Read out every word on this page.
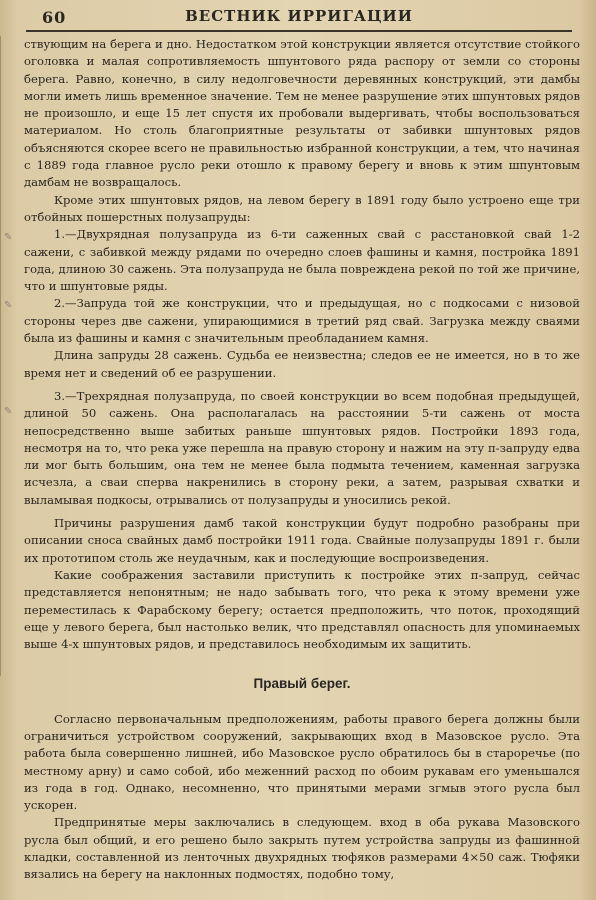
60	ВЕСТНИК ИРРИГАЦИИ
✎
✎
✎

ствующим на берега и дно. Недостатком этой конструкции является отсутствие стойкого оголовка и малая сопротивляемость шпунтового ряда распору от земли со стороны берега. Равно, конечно, в силу недолговечности деревянных конструкций, эти дамбы могли иметь лишь временное значение. Тем не менее разрушение этих шпунтовых рядов не произошло, и еще 15 лет спустя их пробовали выдергивать, чтобы воспользоваться материалом. Но столь благоприятные результаты от забивки шпунтовых рядов объясняются скорее всего не правильностью избранной конструкции, а тем, что начиная с 1889 года главное русло реки отошло к правому берегу и вновь к этим шпунтовым дамбам не возвращалось.

Кроме этих шпунтовых рядов, на левом берегу в 1891 году было устроено еще три отбойных пошерстных полузапруды:

1.—Двухрядная полузапруда из 6-ти саженных свай с расстановкой свай 1-2 сажени, с забивкой между рядами по очередно слоев фашины и камня, постройка 1891 года, длиною 30 сажень. Эта полузапруда не была повреждена рекой по той же причине, что и шпунтовые ряды.

2.—Запруда той же конструкции, что и предыдущая, но с подкосами с низовой стороны через две сажени, упирающимися в третий ряд свай. Загрузка между сваями была из фашины и камня с значительным преобладанием камня.

Длина запруды 28 сажень. Судьба ее неизвестна; следов ее не имеется, но в то же время нет и сведений об ее разрушении.

3.—Трехрядная полузапруда, по своей конструкции во всем подобная предыдущей, длиной 50 сажень. Она располагалась на расстоянии 5-ти сажень от моста непосредственно выше забитых раньше шпунтовых рядов. Постройки 1893 года, несмотря на то, что река уже перешла на правую сторону и нажим на эту п-запруду едва ли мог быть большим, она тем не менее была подмыта течением, каменная загрузка исчезла, а сваи сперва накренились в сторону реки, а затем, разрывая схватки и выламывая подкосы, отрывались от полузапруды и уносились рекой.

Причины разрушения дамб такой конструкции будут подробно разобраны при описании сноса свайных дамб постройки 1911 года. Свайные полузапруды 1891 г. были их прототипом столь же неудачным, как и последующие воспроизведения.

Какие соображения заставили приступить к постройке этих п-запруд, сейчас представляется непонятным; не надо забывать того, что река к этому времени уже переместилась к Фарабскому берегу; остается предположить, что поток, проходящий еще у левого берега, был настолько велик, что представлял опасность для упоминаемых выше 4-х шпунтовых рядов, и представилось необходимым их защитить.

Правый берег.

Согласно первоначальным предположениям, работы правого берега должны были ограничиться устройством сооружений, закрывающих вход в Мазовское русло. Эта работа была совершенно лишней, ибо Мазовское русло обратилось бы в староречье (по местному арну) и само собой, ибо меженний расход по обоим рукавам его уменьшался из года в год. Однако, несомненно, что принятыми мерами згмыв этого русла был ускорен.

Предпринятые меры заключались в следующем. вход в оба рукава Мазовского русла был общий, и его решено было закрыть путем устройства запруды из фашинной кладки, составленной из ленточных двухрядных тюфяков размерами 4×50 саж. Тюфяки вязались на берегу на наклонных подмостях, подобно тому,
